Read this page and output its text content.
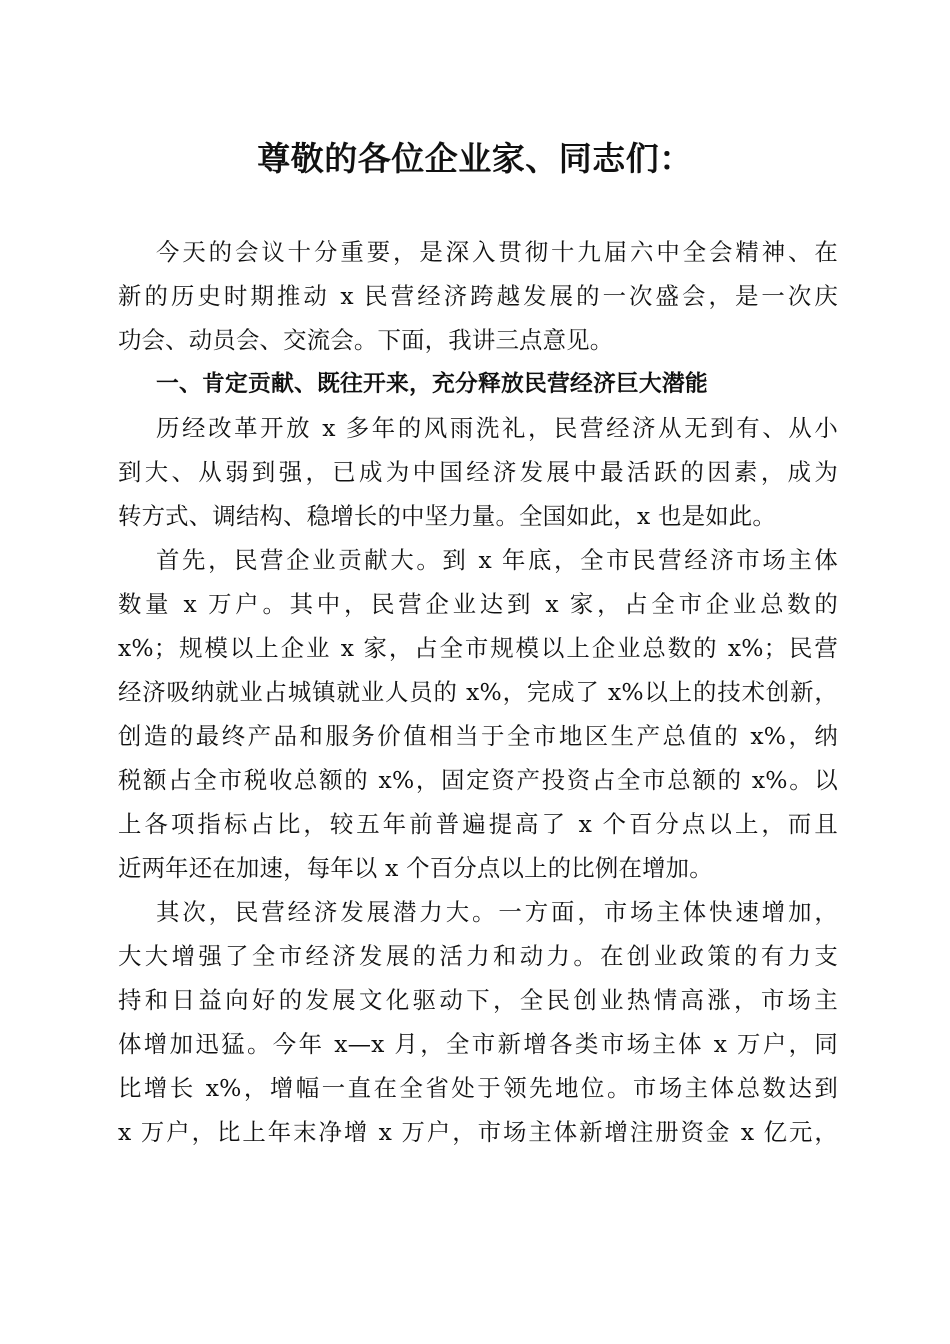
尊敬的各位企业家、同志们：
今天的会议十分重要，是深入贯彻十九届六中全会精神、在
新的历史时期推动 x 民营经济跨越发展的一次盛会，是一次庆
功会、动员会、交流会。下面，我讲三点意见。
一、肯定贡献、既往开来，充分释放民营经济巨大潜能
历经改革开放 x 多年的风雨洗礼，民营经济从无到有、从小
到大、从弱到强，已成为中国经济发展中最活跃的因素，成为
转方式、调结构、稳增长的中坚力量。全国如此，x 也是如此。
首先，民营企业贡献大。到 x 年底，全市民营经济市场主体
数量 x 万户。其中，民营企业达到 x 家，占全市企业总数的
x%；规模以上企业 x 家，占全市规模以上企业总数的 x%；民营
经济吸纳就业占城镇就业人员的 x%，完成了 x%以上的技术创新，
创造的最终产品和服务价值相当于全市地区生产总值的 x%，纳
税额占全市税收总额的 x%，固定资产投资占全市总额的 x%。以
上各项指标占比，较五年前普遍提高了 x 个百分点以上，而且
近两年还在加速，每年以 x 个百分点以上的比例在增加。
其次，民营经济发展潜力大。一方面，市场主体快速增加，
大大增强了全市经济发展的活力和动力。在创业政策的有力支
持和日益向好的发展文化驱动下，全民创业热情高涨，市场主
体增加迅猛。今年 x—x 月，全市新增各类市场主体 x 万户，同
比增长 x%，增幅一直在全省处于领先地位。市场主体总数达到
x 万户，比上年末净增 x 万户，市场主体新增注册资金 x 亿元，
